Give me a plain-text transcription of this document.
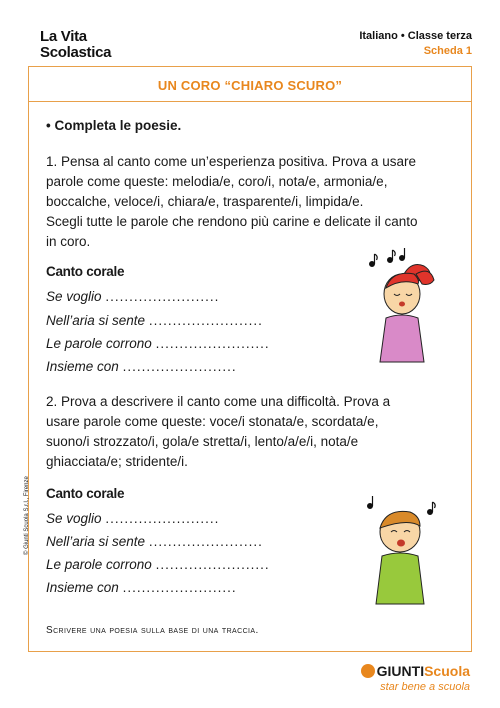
La Vita
Scolastica
Italiano • Classe terza
Scheda 1
UN CORO “CHIARO SCURO”
• Completa le poesie.
1. Pensa al canto come un’esperienza positiva. Prova a usare
parole come queste: melodia/e, coro/i, nota/e, armonia/e,
boccalche, veloce/i, chiara/e, trasparente/i, limpida/e.
Scegli tutte le parole che rendono più carine e delicate il canto
in coro.
Canto corale
Se voglio ........................
Nell’aria si sente ........................
Le parole corrono ........................
Insieme con ........................
2. Prova a descrivere il canto come una difficoltà. Prova a
usare parole come queste: voce/i stonata/e, scordata/e,
suono/i strozzato/i, gola/e stretta/i, lento/a/e/i, nota/e
ghiacciata/e; stridente/i.
Canto corale
Se voglio ........................
Nell’aria si sente ........................
Le parole corrono ........................
Insieme con ........................
Scrivere una poesia sulla base di una traccia.
© Giunti Scuola S.r.l., Firenze
GIUNTIScuola
star bene a scuola
